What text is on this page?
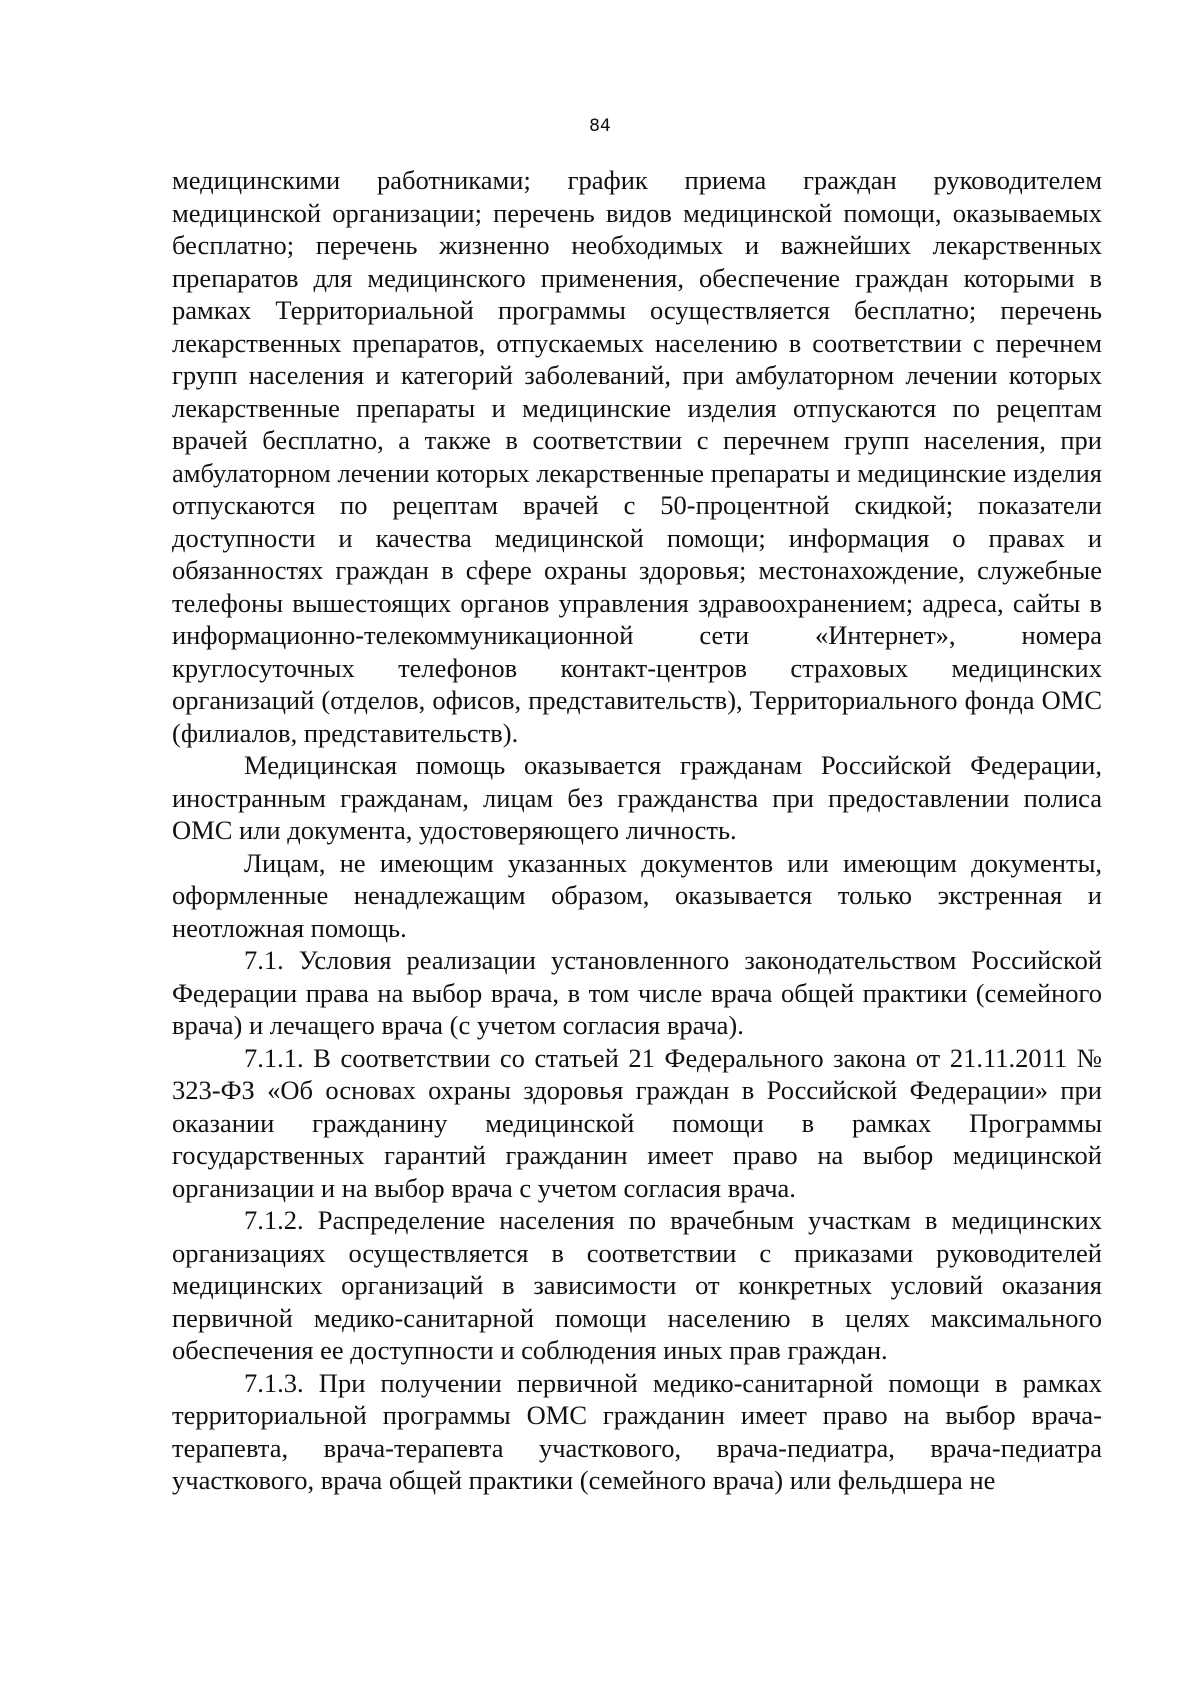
84

медицинскими работниками; график приема граждан руководителем медицинской организации; перечень видов медицинской помощи, оказываемых бесплатно; перечень жизненно необходимых и важнейших лекарственных препаратов для медицинского применения, обеспечение граждан которыми в рамках Территориальной программы осуществляется бесплатно; перечень лекарственных препаратов, отпускаемых населению в соответствии с перечнем групп населения и категорий заболеваний, при амбулаторном лечении которых лекарственные препараты и медицинские изделия отпускаются по рецептам врачей бесплатно, а также в соответствии с перечнем групп населения, при амбулаторном лечении которых лекарственные препараты и медицинские изделия отпускаются по рецептам врачей с 50-процентной скидкой; показатели доступности и качества медицинской помощи; информация о правах и обязанностях граждан в сфере охраны здоровья; местонахождение, служебные телефоны вышестоящих органов управления здравоохранением; адреса, сайты в информационно-телекоммуникационной сети «Интернет», номера круглосуточных телефонов контакт-центров страховых медицинских организаций (отделов, офисов, представительств), Территориального фонда ОМС (филиалов, представительств).

Медицинская помощь оказывается гражданам Российской Федерации, иностранным гражданам, лицам без гражданства при предоставлении полиса ОМС или документа, удостоверяющего личность.

Лицам, не имеющим указанных документов или имеющим документы, оформленные ненадлежащим образом, оказывается только экстренная и неотложная помощь.

7.1. Условия реализации установленного законодательством Российской Федерации права на выбор врача, в том числе врача общей практики (семейного врача) и лечащего врача (с учетом согласия врача).

7.1.1. В соответствии со статьей 21 Федерального закона от 21.11.2011 № 323-ФЗ «Об основах охраны здоровья граждан в Российской Федерации» при оказании гражданину медицинской помощи в рамках Программы государственных гарантий гражданин имеет право на выбор медицинской организации и на выбор врача с учетом согласия врача.

7.1.2. Распределение населения по врачебным участкам в медицинских организациях осуществляется в соответствии с приказами руководителей медицинских организаций в зависимости от конкретных условий оказания первичной медико-санитарной помощи населению в целях максимального обеспечения ее доступности и соблюдения иных прав граждан.

7.1.3. При получении первичной медико-санитарной помощи в рамках территориальной программы ОМС гражданин имеет право на выбор врача-терапевта, врача-терапевта участкового, врача-педиатра, врача-педиатра участкового, врача общей практики (семейного врача) или фельдшера не
